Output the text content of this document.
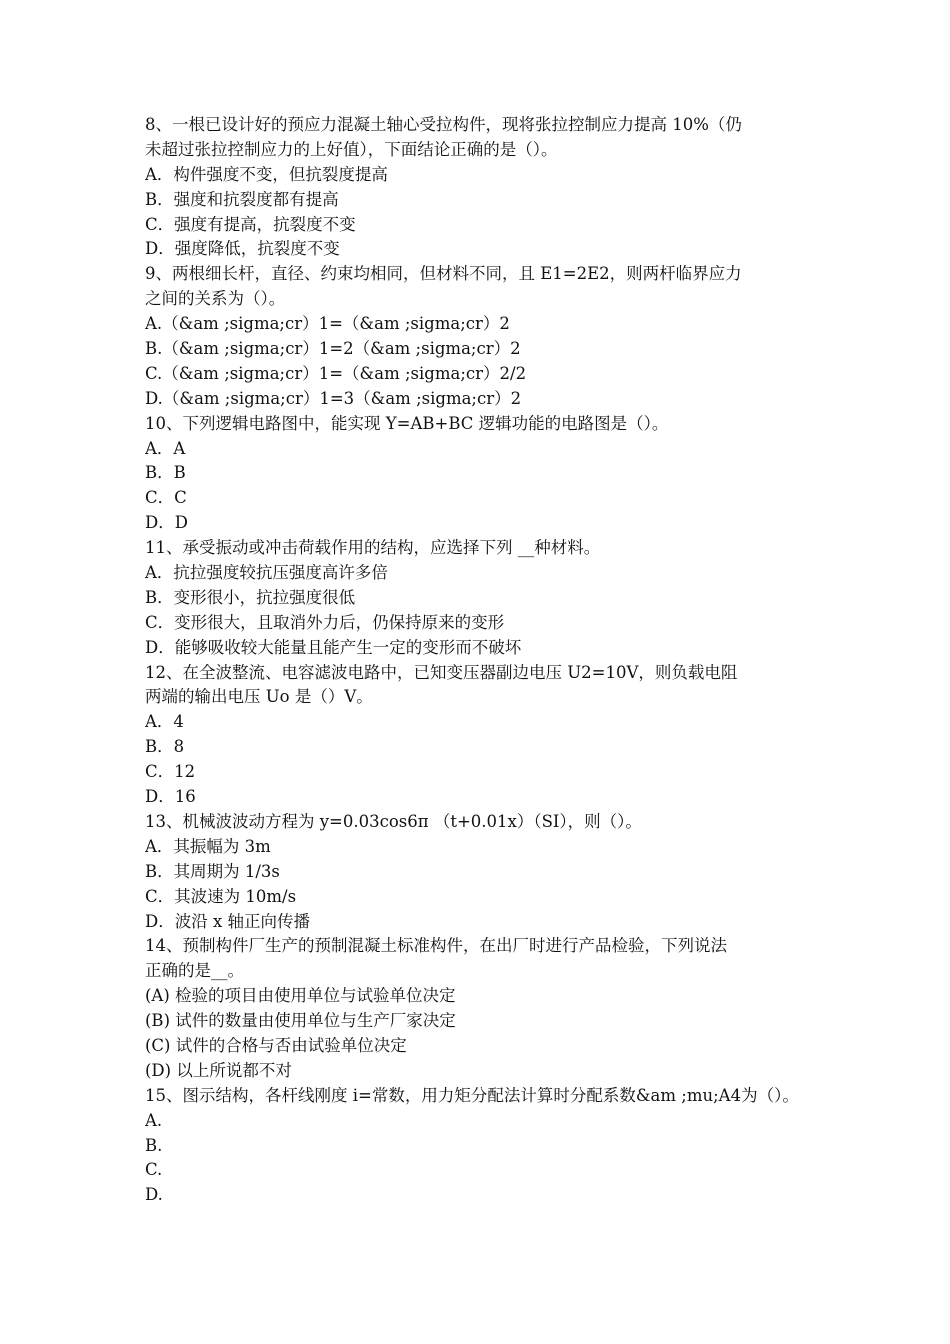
8、一根已设计好的预应力混凝土轴心受拉构件，现将张拉控制应力提高 10%（仍
未超过张拉控制应力的上好值），下面结论正确的是（）。
A．构件强度不变，但抗裂度提高
B．强度和抗裂度都有提高
C．强度有提高，抗裂度不变
D．强度降低，抗裂度不变
9、两根细长杆，直径、约束均相同，但材料不同，且 E1=2E2，则两杆临界应力
之间的关系为（）。
A.（&am ;sigma;cr）1=（&am ;sigma;cr）2
B.（&am ;sigma;cr）1=2（&am ;sigma;cr）2
C.（&am ;sigma;cr）1=（&am ;sigma;cr）2/2
D.（&am ;sigma;cr）1=3（&am ;sigma;cr）2
10、下列逻辑电路图中，能实现 Y=AB+BC 逻辑功能的电路图是（）。
A．A
B．B
C．C
D．D
11、承受振动或冲击荷载作用的结构，应选择下列 __种材料。
A．抗拉强度较抗压强度高许多倍
B．变形很小，抗拉强度很低
C．变形很大，且取消外力后，仍保持原来的变形
D．能够吸收较大能量且能产生一定的变形而不破坏
12、在全波整流、电容滤波电路中，已知变压器副边电压 U2=10V，则负载电阻
两端的输出电压 Uo 是（）V。
A．4
B．8
C．12
D．16
13、机械波波动方程为 y=0.03cos6π （t+0.01x）（SI），则（）。
A．其振幅为 3m
B．其周期为 1/3s
C．其波速为 10m/s
D．波沿 x 轴正向传播
14、预制构件厂生产的预制混凝土标准构件，在出厂时进行产品检验，下列说法
正确的是__。
(A) 检验的项目由使用单位与试验单位决定
(B) 试件的数量由使用单位与生产厂家决定
(C) 试件的合格与否由试验单位决定
(D) 以上所说都不对
15、图示结构，各杆线刚度 i=常数，用力矩分配法计算时分配系数&am ;mu;A4为（）。
A.
B.
C.
D.
